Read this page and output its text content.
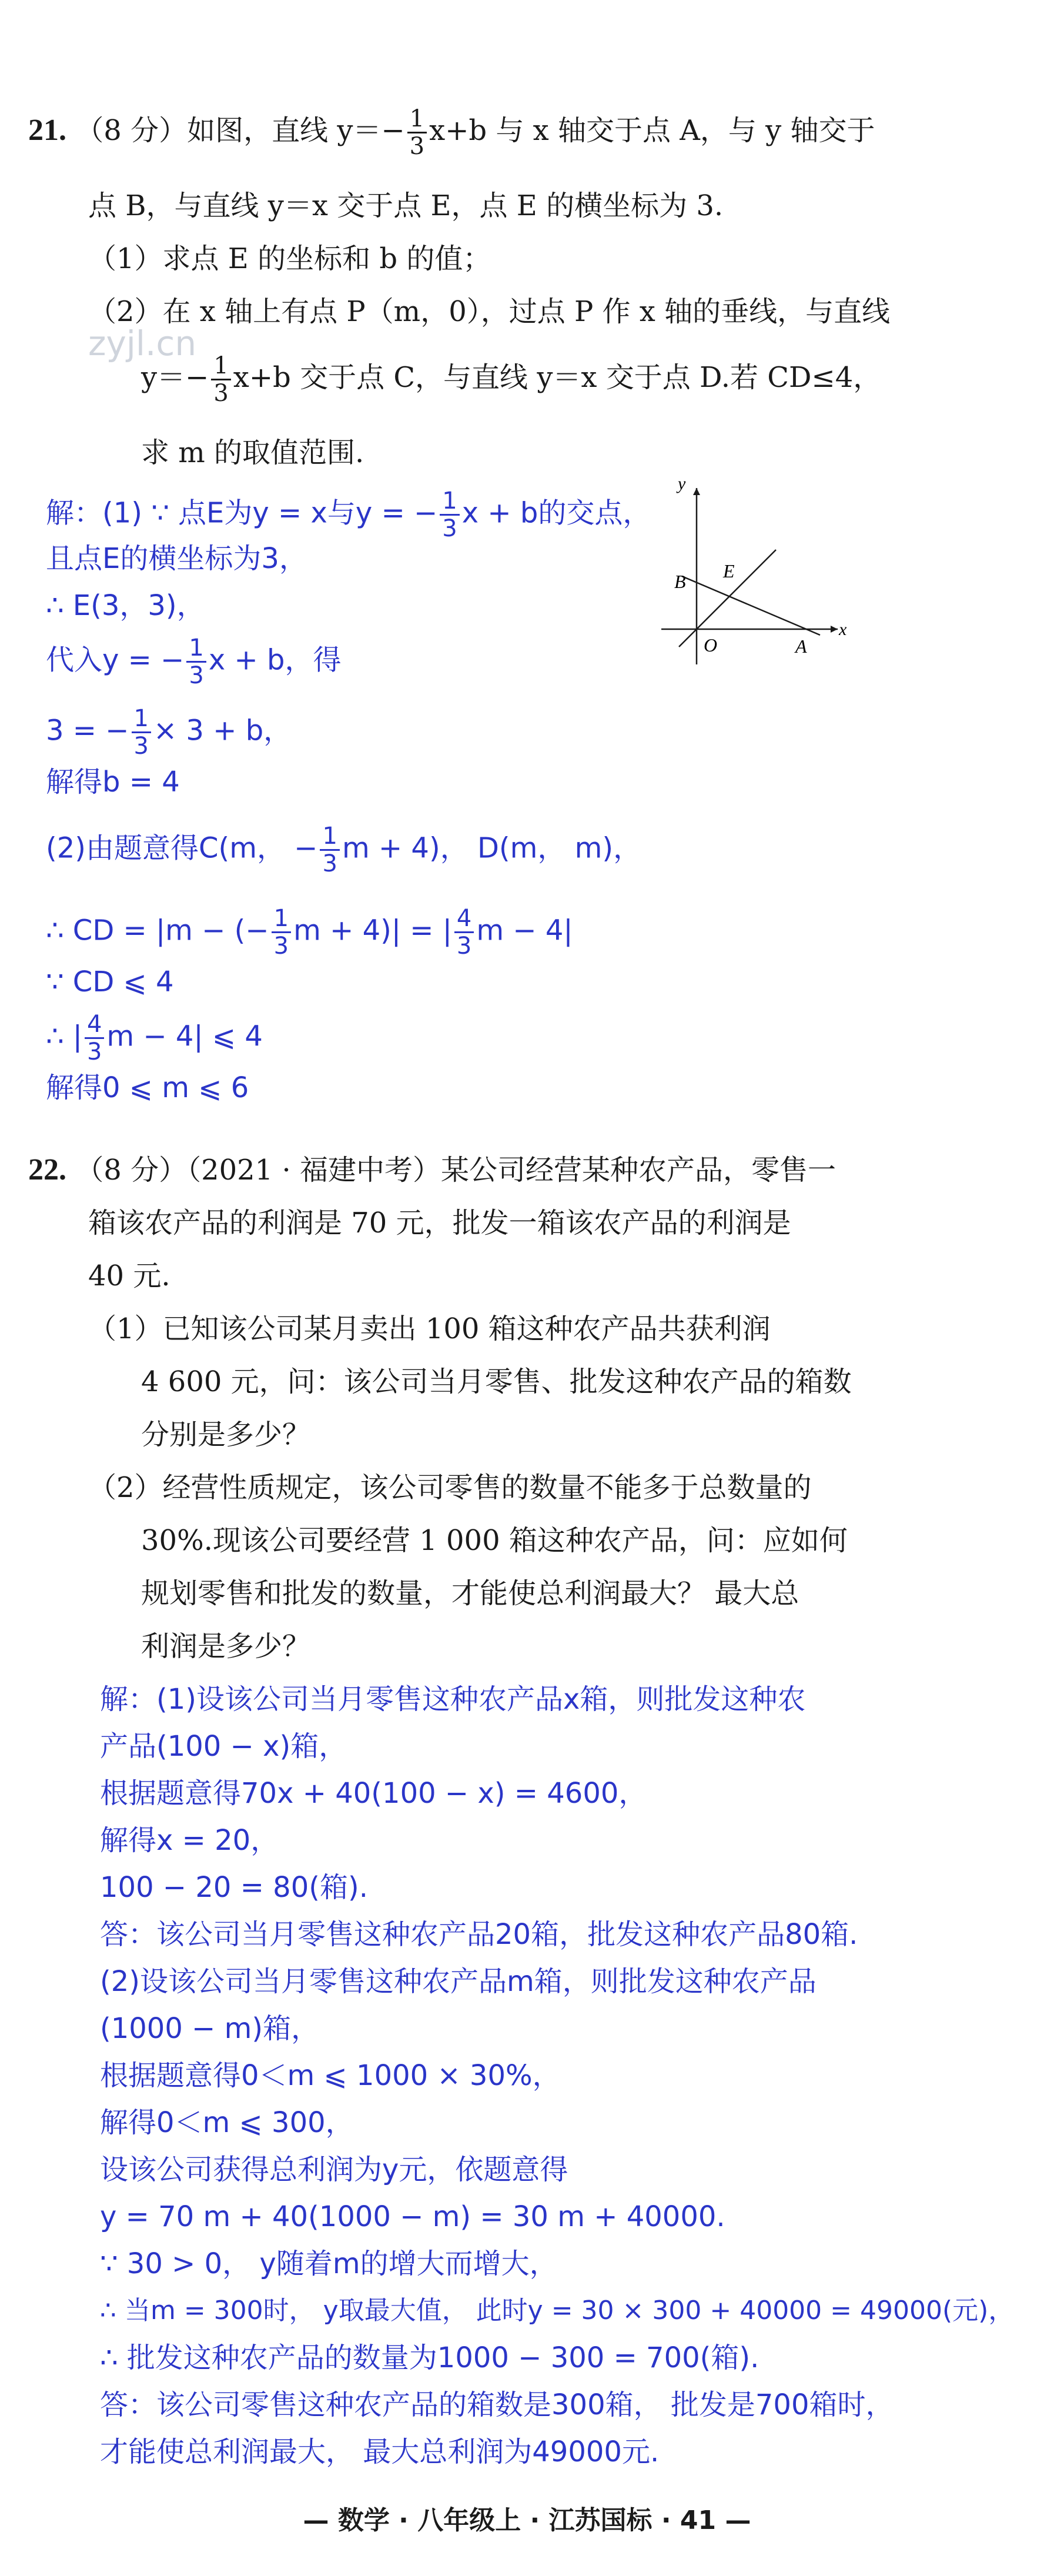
zyjl.cn
21. （8 分）如图，直线 $y=- \frac{1}{3} x+b$ 与 x 轴交于点 A，与 y 轴交于
点 B，与直线 y＝x 交于点 E，点 E 的横坐标为 3.
（1）求点 E 的坐标和 b 的值；
（2）在 x 轴上有点 P（m，0），过点 P 作 x 轴的垂线，与直线
$y=- \frac{1}{3} x+b$ 交于点 C，与直线 y＝x 交于点 D.若 CD≤4，
求 m 的取值范围.
解：(1) ∵ 点E为y = x与y = − $\frac{1}{3}$ x + b的交点，
且点E的横坐标为3，
∴ E(3，3)，
代入y = − $\frac{1}{3}$ x + b，得
3 = − $\frac{1}{3} \times 3 + b$，
解得b = 4
(2)由题意得C(m， − $\frac{1}{3}$ m + 4)， D(m， m)，
∴ CD = |m − (− $\frac{1}{3}$ m + 4)| = | $\frac{4}{3}$ m − 4|
∵ CD ⩽ 4
∴ | $\frac{4}{3}$ m − 4| ⩽ 4
解得0 ⩽ m ⩽ 6
y
x
B E
O	A
22. （8 分）（2021 · 福建中考）某公司经营某种农产品，零售一
箱该农产品的利润是 70 元，批发一箱该农产品的利润是
40 元.
（1）已知该公司某月卖出 100 箱这种农产品共获利润
4 600 元，问：该公司当月零售、批发这种农产品的箱数
分别是多少？
（2）经营性质规定，该公司零售的数量不能多于总数量的
30%.现该公司要经营 1 000 箱这种农产品，问：应如何
规划零售和批发的数量，才能使总利润最大？ 最大总
利润是多少？
解：(1)设该公司当月零售这种农产品x箱，则批发这种农
产品(100 − x)箱，
根据题意得70x + 40(100 − x) = 4600，
解得x = 20，
100 − 20 = 80(箱).
答：该公司当月零售这种农产品20箱，批发这种农产品80箱.
(2)设该公司当月零售这种农产品m箱，则批发这种农产品
(1000 − m)箱，
根据题意得0＜m ⩽ 1000 × 30%，
解得0＜m ⩽ 300，
设该公司获得总利润为y元，依题意得
y = 70 m + 40(1000 − m) = 30 m + 40000.
∵ 30 > 0， y随着m的增大而增大，
∴ 当m = 300时， y取最大值， 此时y = 30 × 300 + 40000 = 49000(元)，
∴ 批发这种农产品的数量为1000 − 300 = 700(箱).
答：该公司零售这种农产品的箱数是300箱， 批发是700箱时，
才能使总利润最大， 最大总利润为49000元.
— 数学 · 八年级上 · 江苏国标 · 41 —
